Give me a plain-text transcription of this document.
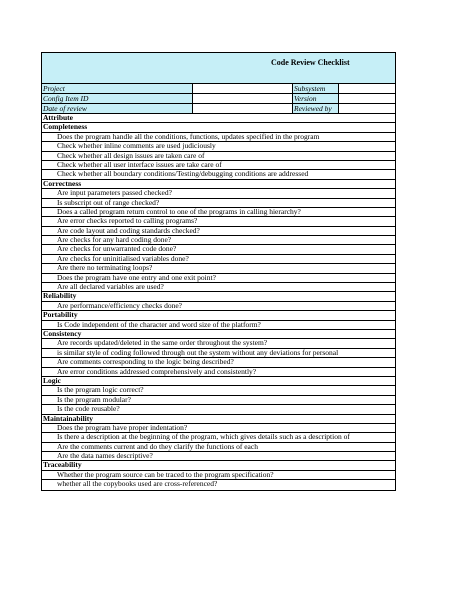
Code Review Checklist
Project	Subsystem
Config Item ID	Version
Date of review	Reviewed by
Attribute
Completeness
Does the program handle all the conditions, functions, updates specified in the program
Check whether inline comments are used judiciously
Check whether all design issues are taken care of
Check whether all user interface issues are take care of
Check whether all boundary conditions/Testing/debugging conditions are addressed
Correctness
Are input parameters passed checked?
Is subscript out of range checked?
Does a called program return control to one of the programs in calling hierarchy?
Are error checks reported to calling programs?
Are code layout and coding standards checked?
Are checks for any hard coding done?
Are checks for unwarranted code done?
Are checks for uninitialised variables done?
Are there no terminating loops?
Does the program have one entry and one exit point?
Are all declared variables are used?
Reliability
Are performance/efficiency checks done?
Portability
Is Code independent of the character and word size of the platform?
Consistency
Are records updated/deleted in the same order throughout the system?
is similar style of coding followed through out the system without any deviations for personal
Are comments corresponding to the logic being described?
Are error conditions addressed comprehensively and consistently?
Logic
Is the program logic correct?
Is the program modular?
Is the code reusable?
Maintainability
Does the program have proper indentation?
Is there a description at the beginning of the program, which gives details such as a description of
Are the comments current and do they clarify the functions of each
Are the data names descriptive?
Traceability
Whether the program source can be traced to the program specification?
whether all the copybooks used are cross-referenced?
